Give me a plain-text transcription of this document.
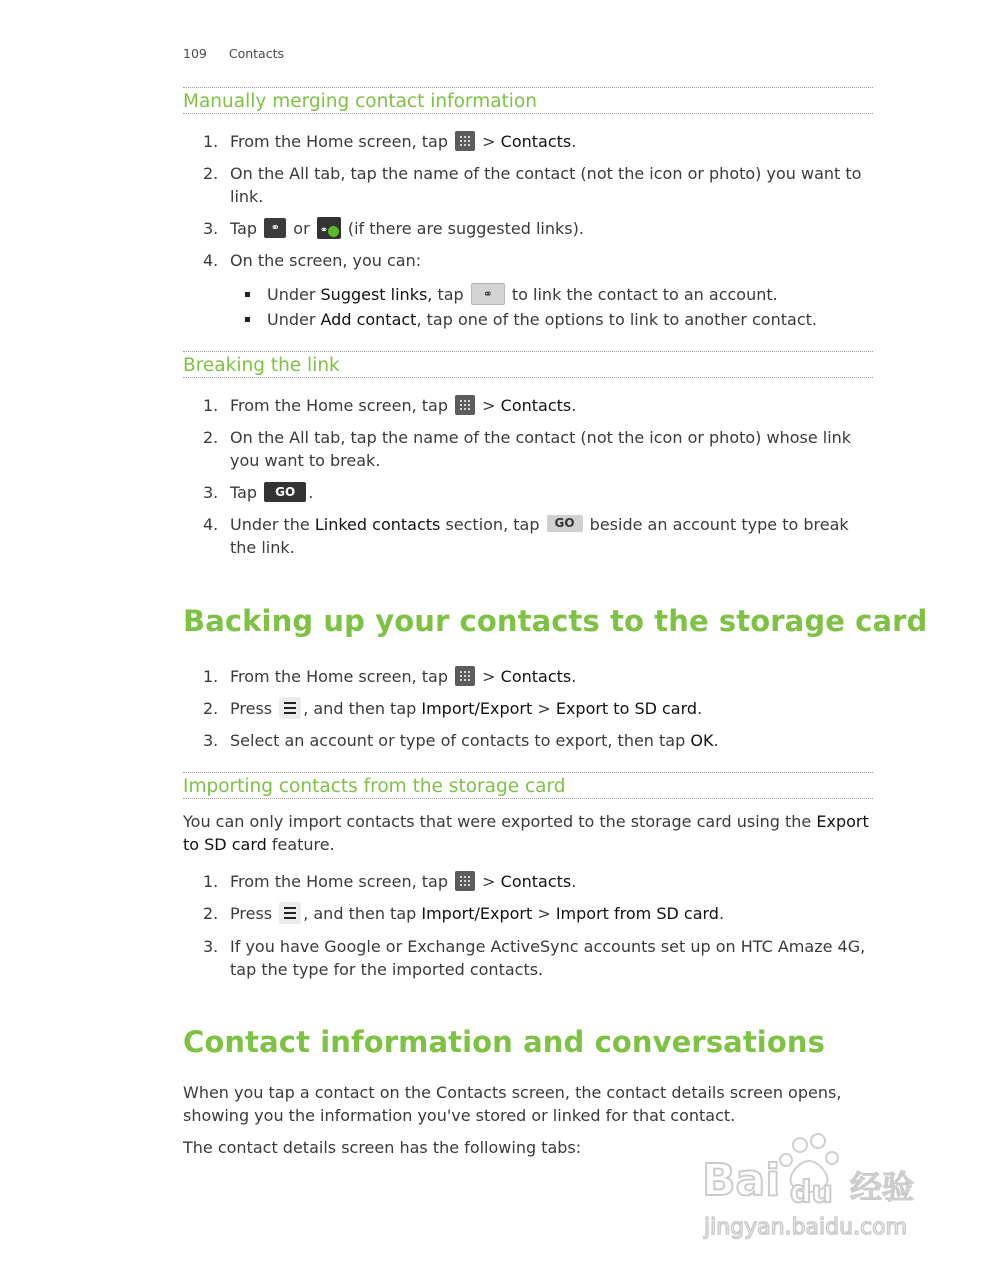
109 Contacts
Manually merging contact information
1. From the Home screen, tap  > Contacts.
2. On the All tab, tap the name of the contact (not the icon or photo) you want to link.
3. Tap ⚭ or ⚭ (if there are suggested links).
4. On the screen, you can:
Under Suggest links, tap ⚭ to link the contact to an account.
Under Add contact, tap one of the options to link to another contact.
Breaking the link
1. From the Home screen, tap  > Contacts.
2. On the All tab, tap the name of the contact (not the icon or photo) whose link you want to break.
3. Tap GO .
4. Under the Linked contacts section, tap GO beside an account type to break the link.
Backing up your contacts to the storage card
1. From the Home screen, tap  > Contacts.
2. Press , and then tap Import/Export > Export to SD card.
3. Select an account or type of contacts to export, then tap OK.
Importing contacts from the storage card
You can only import contacts that were exported to the storage card using the Export to SD card feature.
1. From the Home screen, tap  > Contacts.
2. Press , and then tap Import/Export > Import from SD card.
3. If you have Google or Exchange ActiveSync accounts set up on HTC Amaze 4G, tap the type for the imported contacts.
Contact information and conversations
When you tap a contact on the Contacts screen, the contact details screen opens, showing you the information you've stored or linked for that contact.
The contact details screen has the following tabs:
Bai du 经验
jingyan.baidu.com
